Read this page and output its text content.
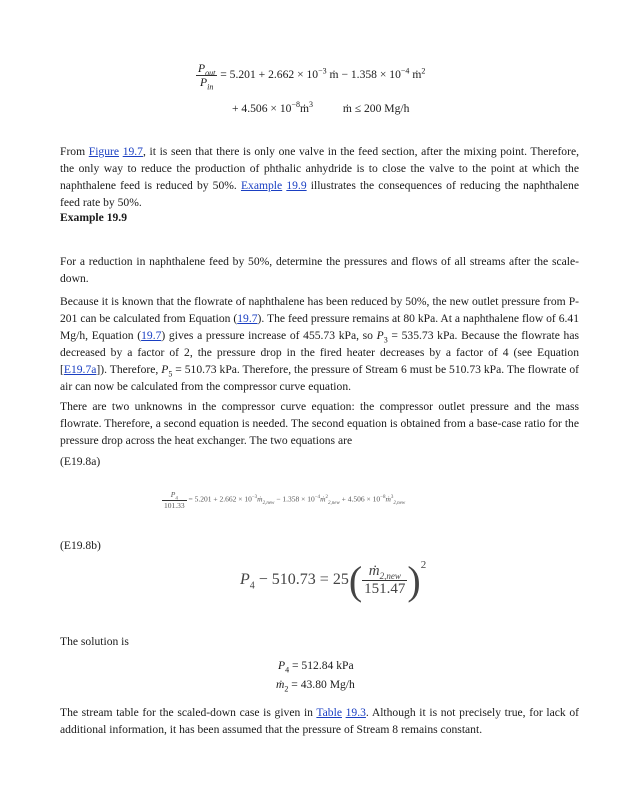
$\frac{P_{out}}{P_{in}} = 5.201 + 2.662 \times 10^{-3}$ ṁ − $1.358 \times 10^{-4}$ ṁ$^2$
+ $4.506 \times 10^{-8}ṁ^3$	ṁ ≤ 200 Mg/h

From Figure 19.7, it is seen that there is only one valve in the feed section, after the mixing point. Therefore, the only way to reduce the production of phthalic anhydride is to close the valve to the point at which the naphthalene feed is reduced by 50%. Example 19.9 illustrates the consequences of reducing the naphthalene feed rate by 50%.

Example 19.9

For a reduction in naphthalene feed by 50%, determine the pressures and flows of all streams after the scale-down.

Because it is known that the flowrate of naphthalene has been reduced by 50%, the new outlet pressure from P-201 can be calculated from Equation (19.7). The feed pressure remains at 80 kPa. At a naphthalene flow of 6.41 Mg/h, Equation (19.7) gives a pressure increase of 455.73 kPa, so $P_3 = 535.73$ kPa. Because the flowrate has decreased by a factor of 2, the pressure drop in the fired heater decreases by a factor of 4 (see Equation [E19.7a]). Therefore, $P_5 = 510.73$ kPa. Therefore, the pressure of Stream 6 must be 510.73 kPa. The flowrate of air can now be calculated from the compressor curve equation.

There are two unknowns in the compressor curve equation: the compressor outlet pressure and the mass flowrate. Therefore, a second equation is needed. The second equation is obtained from a base-case ratio for the pressure drop across the heat exchanger. The two equations are

(E19.8a)
$\frac{P_4}{101.33} = 5.201 + 2.662$ × $10^{-3}ṁ_{2,new} - 1.358$ × $10^{-4}ṁ^2_{2,new} + 4.506$ × $10^{-8}ṁ^3_{2,new}$
(E19.8b)
$P_4 - 510.73 = 25( \frac{ṁ_{2,new}}{151.47} )^2$
The solution is
$P_4 = 512.84$ kPa
ṁ$_2$ = 43.80 Mg/h

The stream table for the scaled-down case is given in Table 19.3. Although it is not precisely true, for lack of additional information, it has been assumed that the pressure of Stream 8 remains constant.
